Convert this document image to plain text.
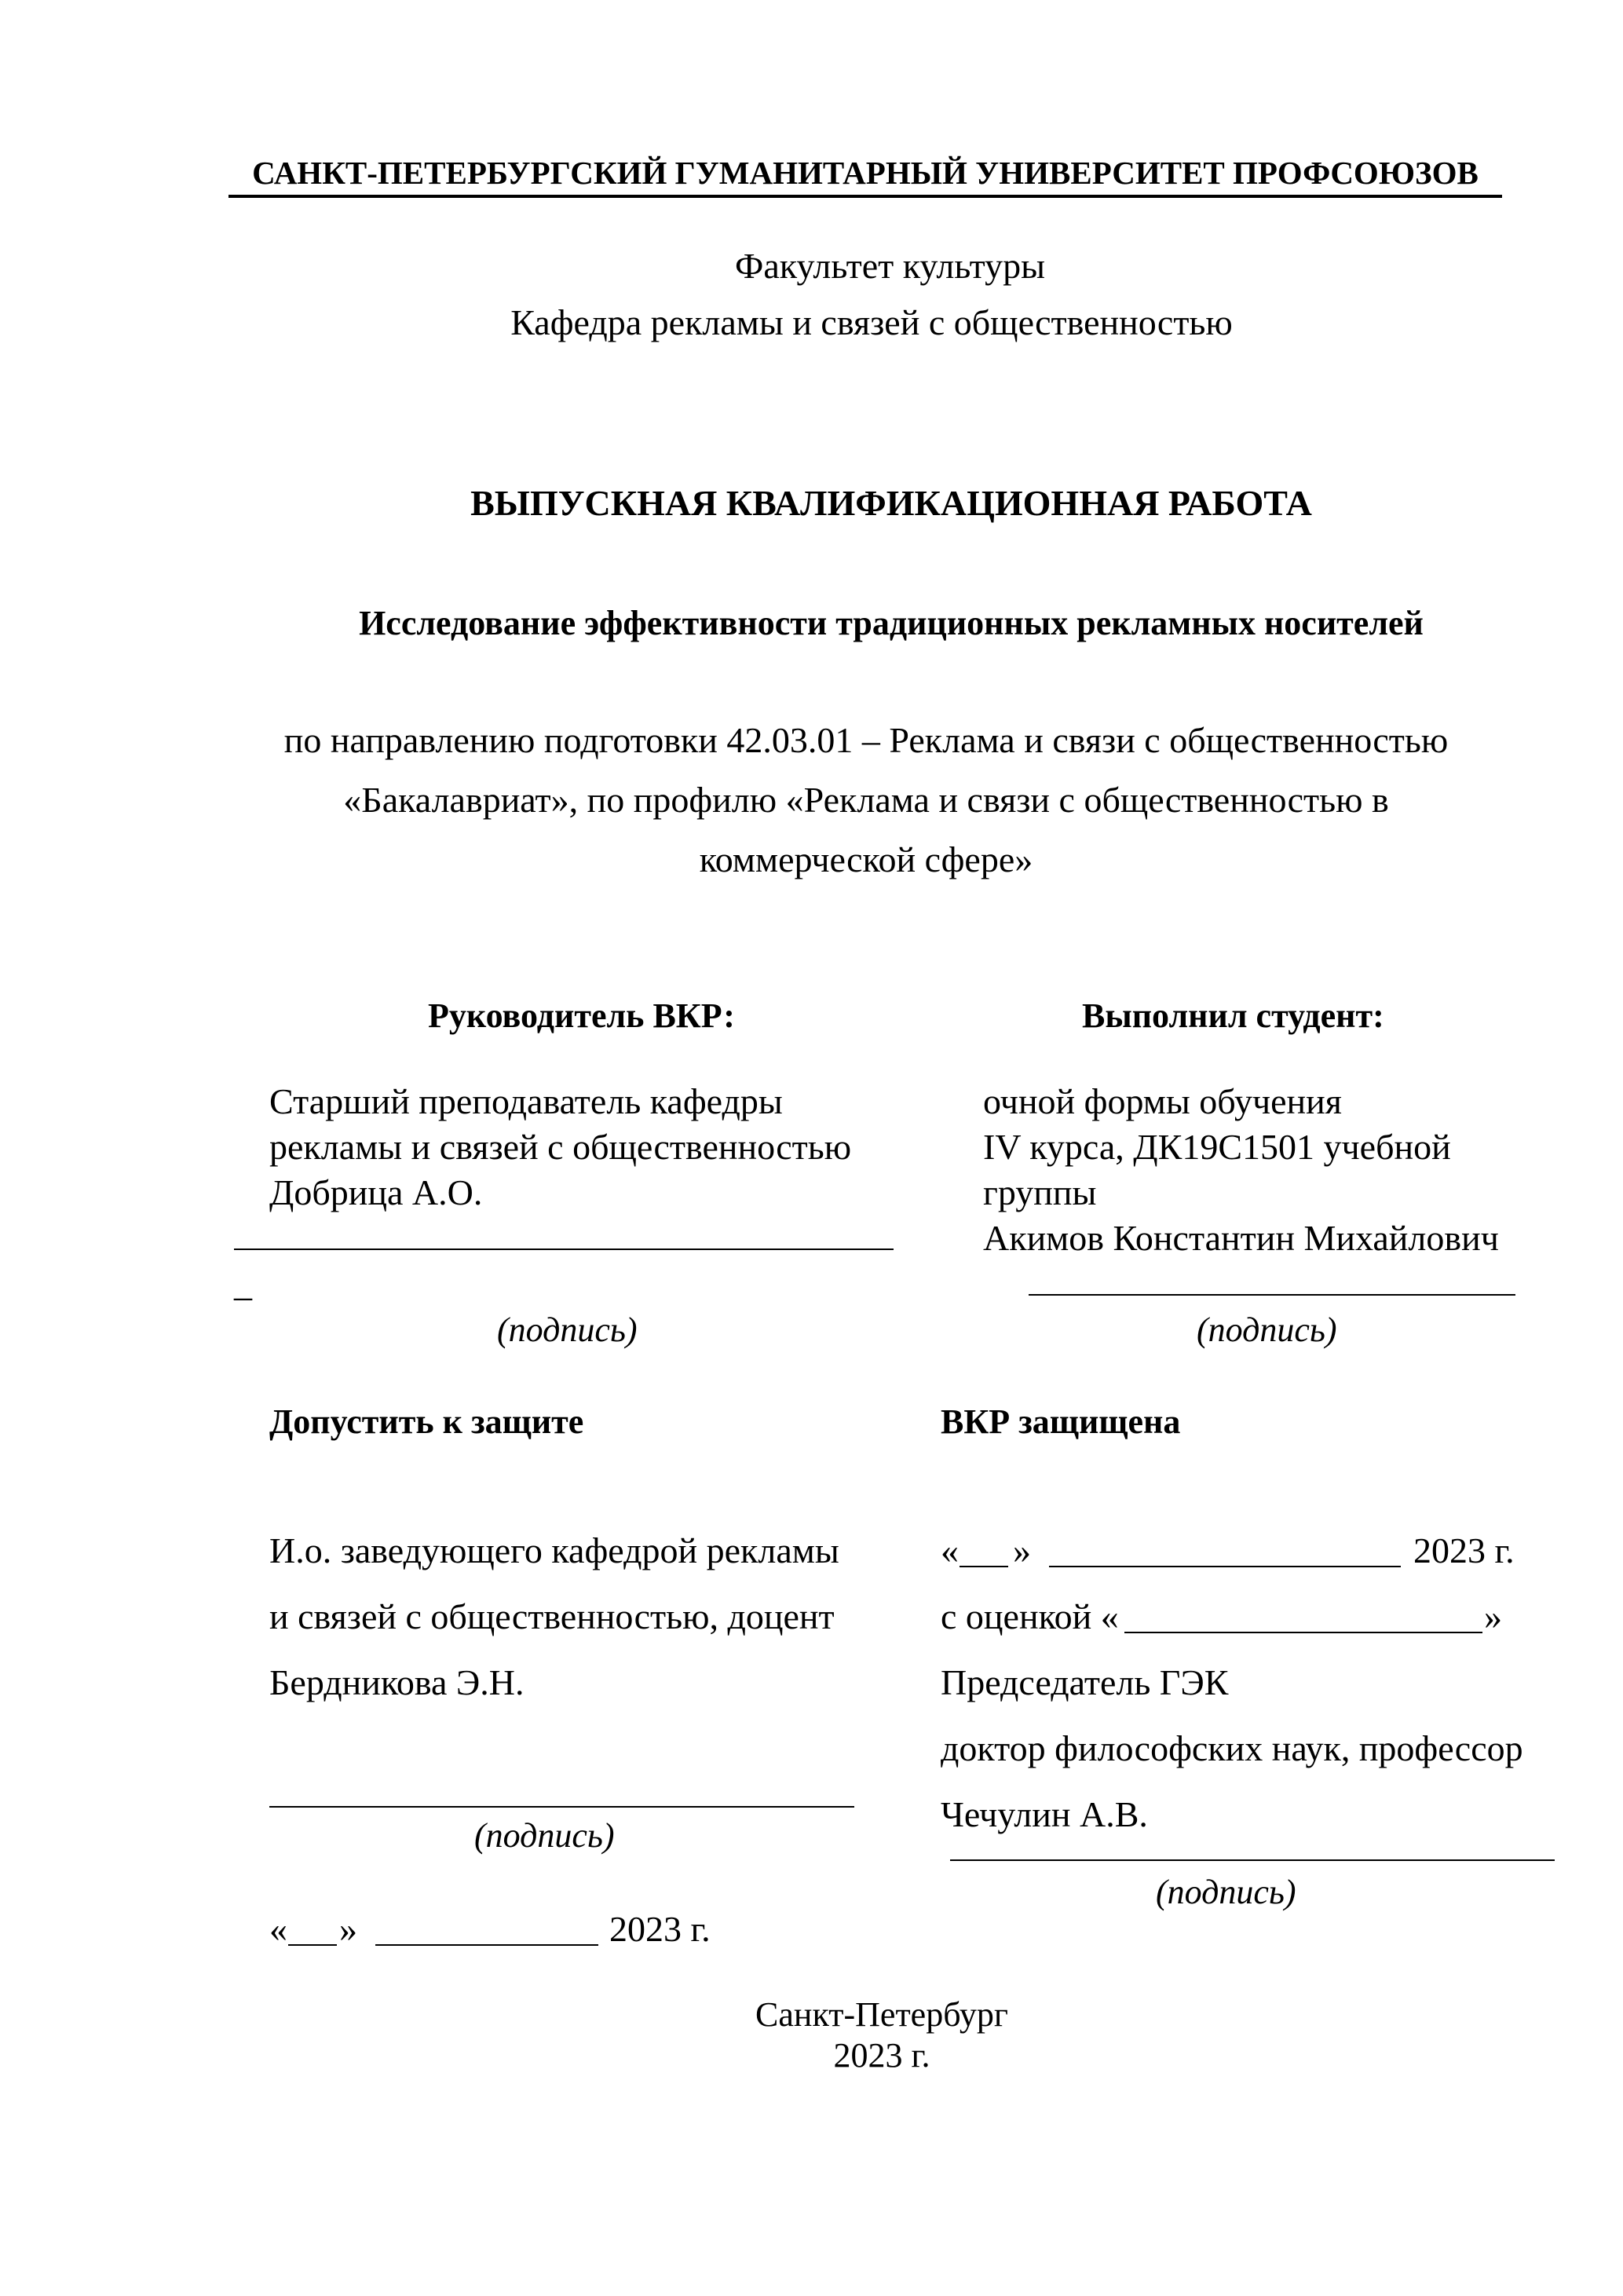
САНКТ-ПЕТЕРБУРГСКИЙ ГУМАНИТАРНЫЙ УНИВЕРСИТЕТ ПРОФСОЮЗОВ
Факультет культуры
Кафедра рекламы и связей с общественностью
ВЫПУСКНАЯ КВАЛИФИКАЦИОННАЯ РАБОТА
Исследование эффективности традиционных рекламных носителей
по направлению подготовки 42.03.01 – Реклама и связи с общественностью
«Бакалавриат», по профилю «Реклама и связи с общественностью в
коммерческой сфере»
Руководитель ВКР:
Старший преподаватель кафедры
рекламы и связей с общественностью
Добрица А.О.
_
(подпись)
Выполнил студент:
очной формы обучения
IV курса, ДК19С1501 учебной
группы
Акимов Константин Михайлович
(подпись)
Допустить к защите
И.о. заведующего кафедрой рекламы
и связей с общественностью, доцент
Бердникова Э.Н.
(подпись)
« »	2023 г.
ВКР защищена
« »	2023 г.
с оценкой «	»
Председатель ГЭК
доктор философских наук, профессор
Чечулин А.В.
(подпись)
Санкт-Петербург
2023 г.
